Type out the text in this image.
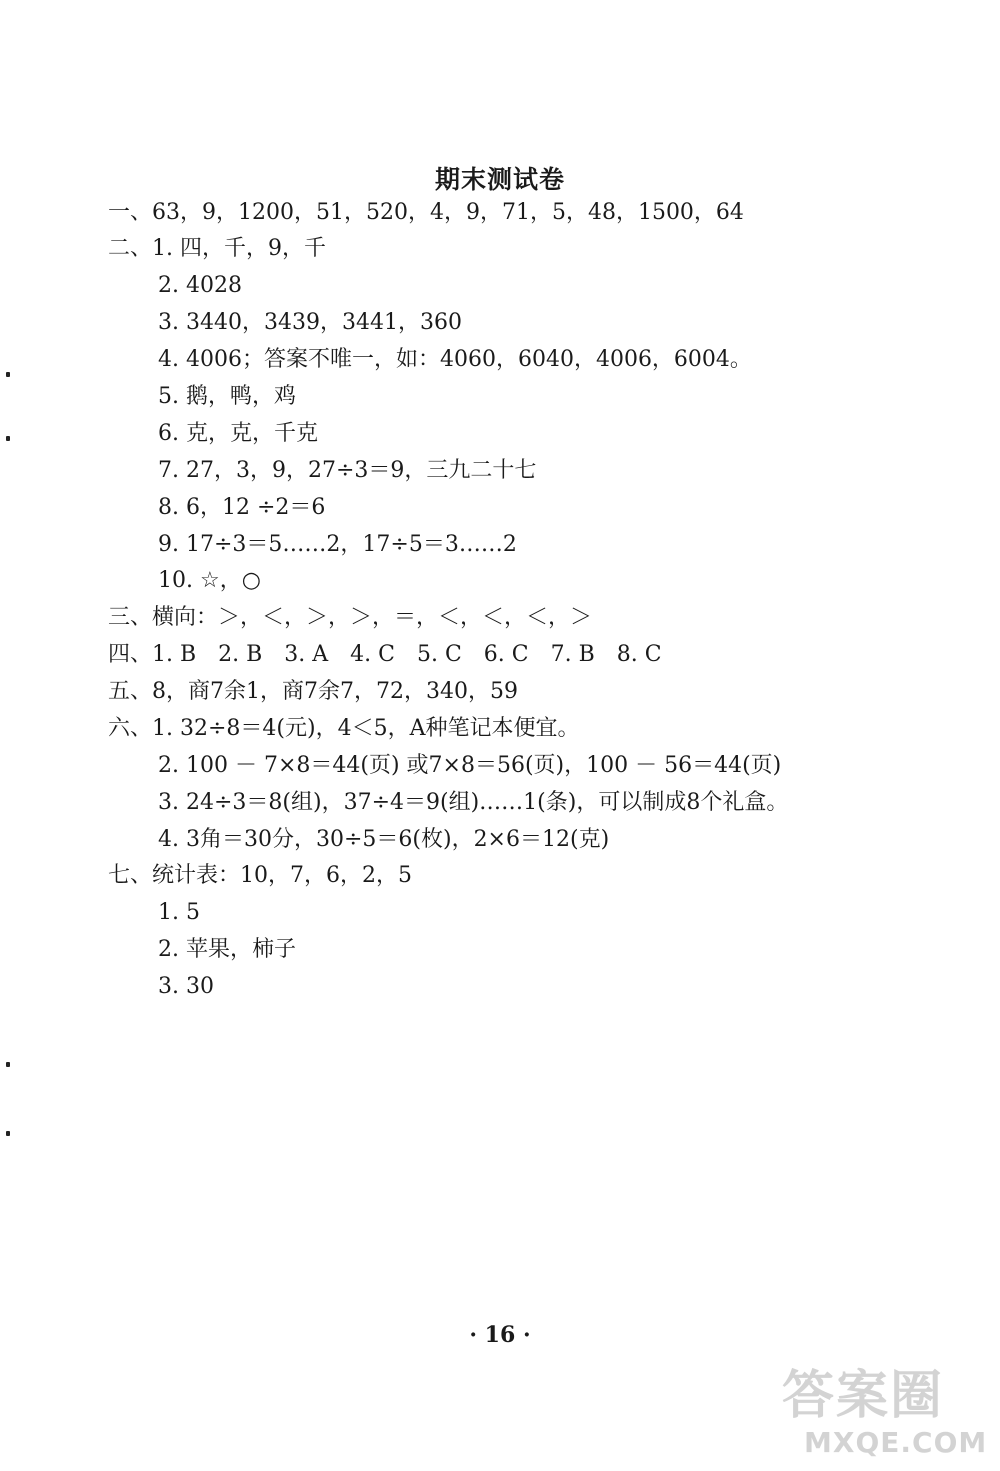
期末测试卷
一、63，9，1200，51，520，4，9，71，5，48，1500，64
二、1. 四，千，9，千
2. 4028
3. 3440，3439，3441，360
4. 4006；答案不唯一，如：4060，6040，4006，6004。
5. 鹅，鸭，鸡
6. 克，克，千克
7. 27，3，9，27÷3＝9，三九二十七
8. 6，12 ÷2＝6
9. 17÷3＝5……2，17÷5＝3……2
10. ☆，○
三、横向：＞，＜，＞，＞，＝，＜，＜，＜，＞
四、1. B　2. B　3. A　4. C　5. C　6. C　7. B　8. C
五、8，商7余1，商7余7，72，340，59
六、1. 32÷8＝4(元)，4＜5，A种笔记本便宜。
2. 100 － 7×8＝44(页) 或7×8＝56(页)，100 － 56＝44(页)
3. 24÷3＝8(组)，37÷4＝9(组)……1(条)，可以制成8个礼盒。
4. 3角＝30分，30÷5＝6(枚)，2×6＝12(克)
七、统计表：10，7，6，2，5
1. 5
2. 苹果，柿子
3. 30
· 16 ·
答案圈
MXQE.COM
